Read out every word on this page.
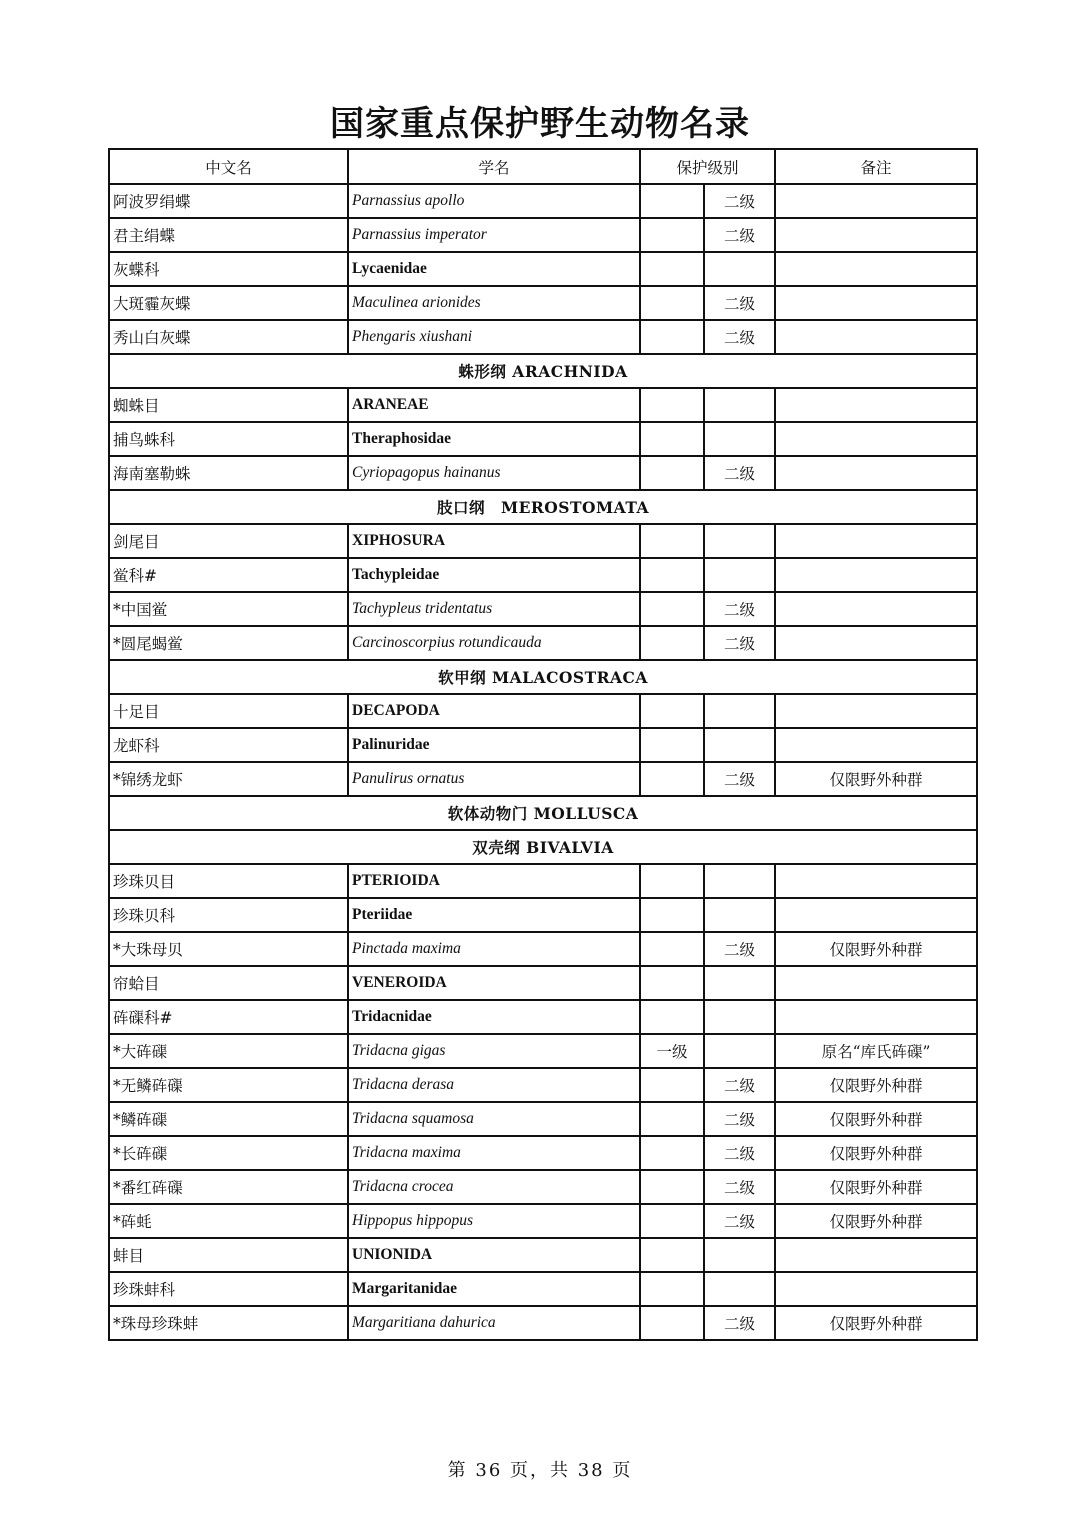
国家重点保护野生动物名录
中文名	学名	保护级别		备注
阿波罗绢蝶	Parnassius apollo		二级	
君主绢蝶	Parnassius imperator		二级	
灰蝶科	Lycaenidae			
大斑霾灰蝶	Maculinea arionides		二级	
秀山白灰蝶	Phengaris xiushani		二级	
蛛形纲 ARACHNIDA				
蜘蛛目	ARANEAE			
捕鸟蛛科	Theraphosidae			
海南塞勒蛛	Cyriopagopus hainanus		二级	
肢口纲　MEROSTOMATA				
剑尾目	XIPHOSURA			
鲎科#	Tachypleidae			
*中国鲎	Tachypleus tridentatus		二级	
*圆尾蝎鲎	Carcinoscorpius rotundicauda		二级	
软甲纲 MALACOSTRACA				
十足目	DECAPODA			
龙虾科	Palinuridae			
*锦绣龙虾	Panulirus ornatus		二级	仅限野外种群
软体动物门 MOLLUSCA				
双壳纲 BIVALVIA				
珍珠贝目	PTERIOIDA			
珍珠贝科	Pteriidae			
*大珠母贝	Pinctada maxima		二级	仅限野外种群
帘蛤目	VENEROIDA			
砗磲科#	Tridacnidae			
*大砗磲	Tridacna gigas	一级		原名“库氏砗磲”
*无鳞砗磲	Tridacna derasa		二级	仅限野外种群
*鳞砗磲	Tridacna squamosa		二级	仅限野外种群
*长砗磲	Tridacna maxima		二级	仅限野外种群
*番红砗磲	Tridacna crocea		二级	仅限野外种群
*砗蚝	Hippopus hippopus		二级	仅限野外种群
蚌目	UNIONIDA			
珍珠蚌科	Margaritanidae			
*珠母珍珠蚌	Margaritiana dahurica		二级	仅限野外种群
第 36 页，共 38 页
